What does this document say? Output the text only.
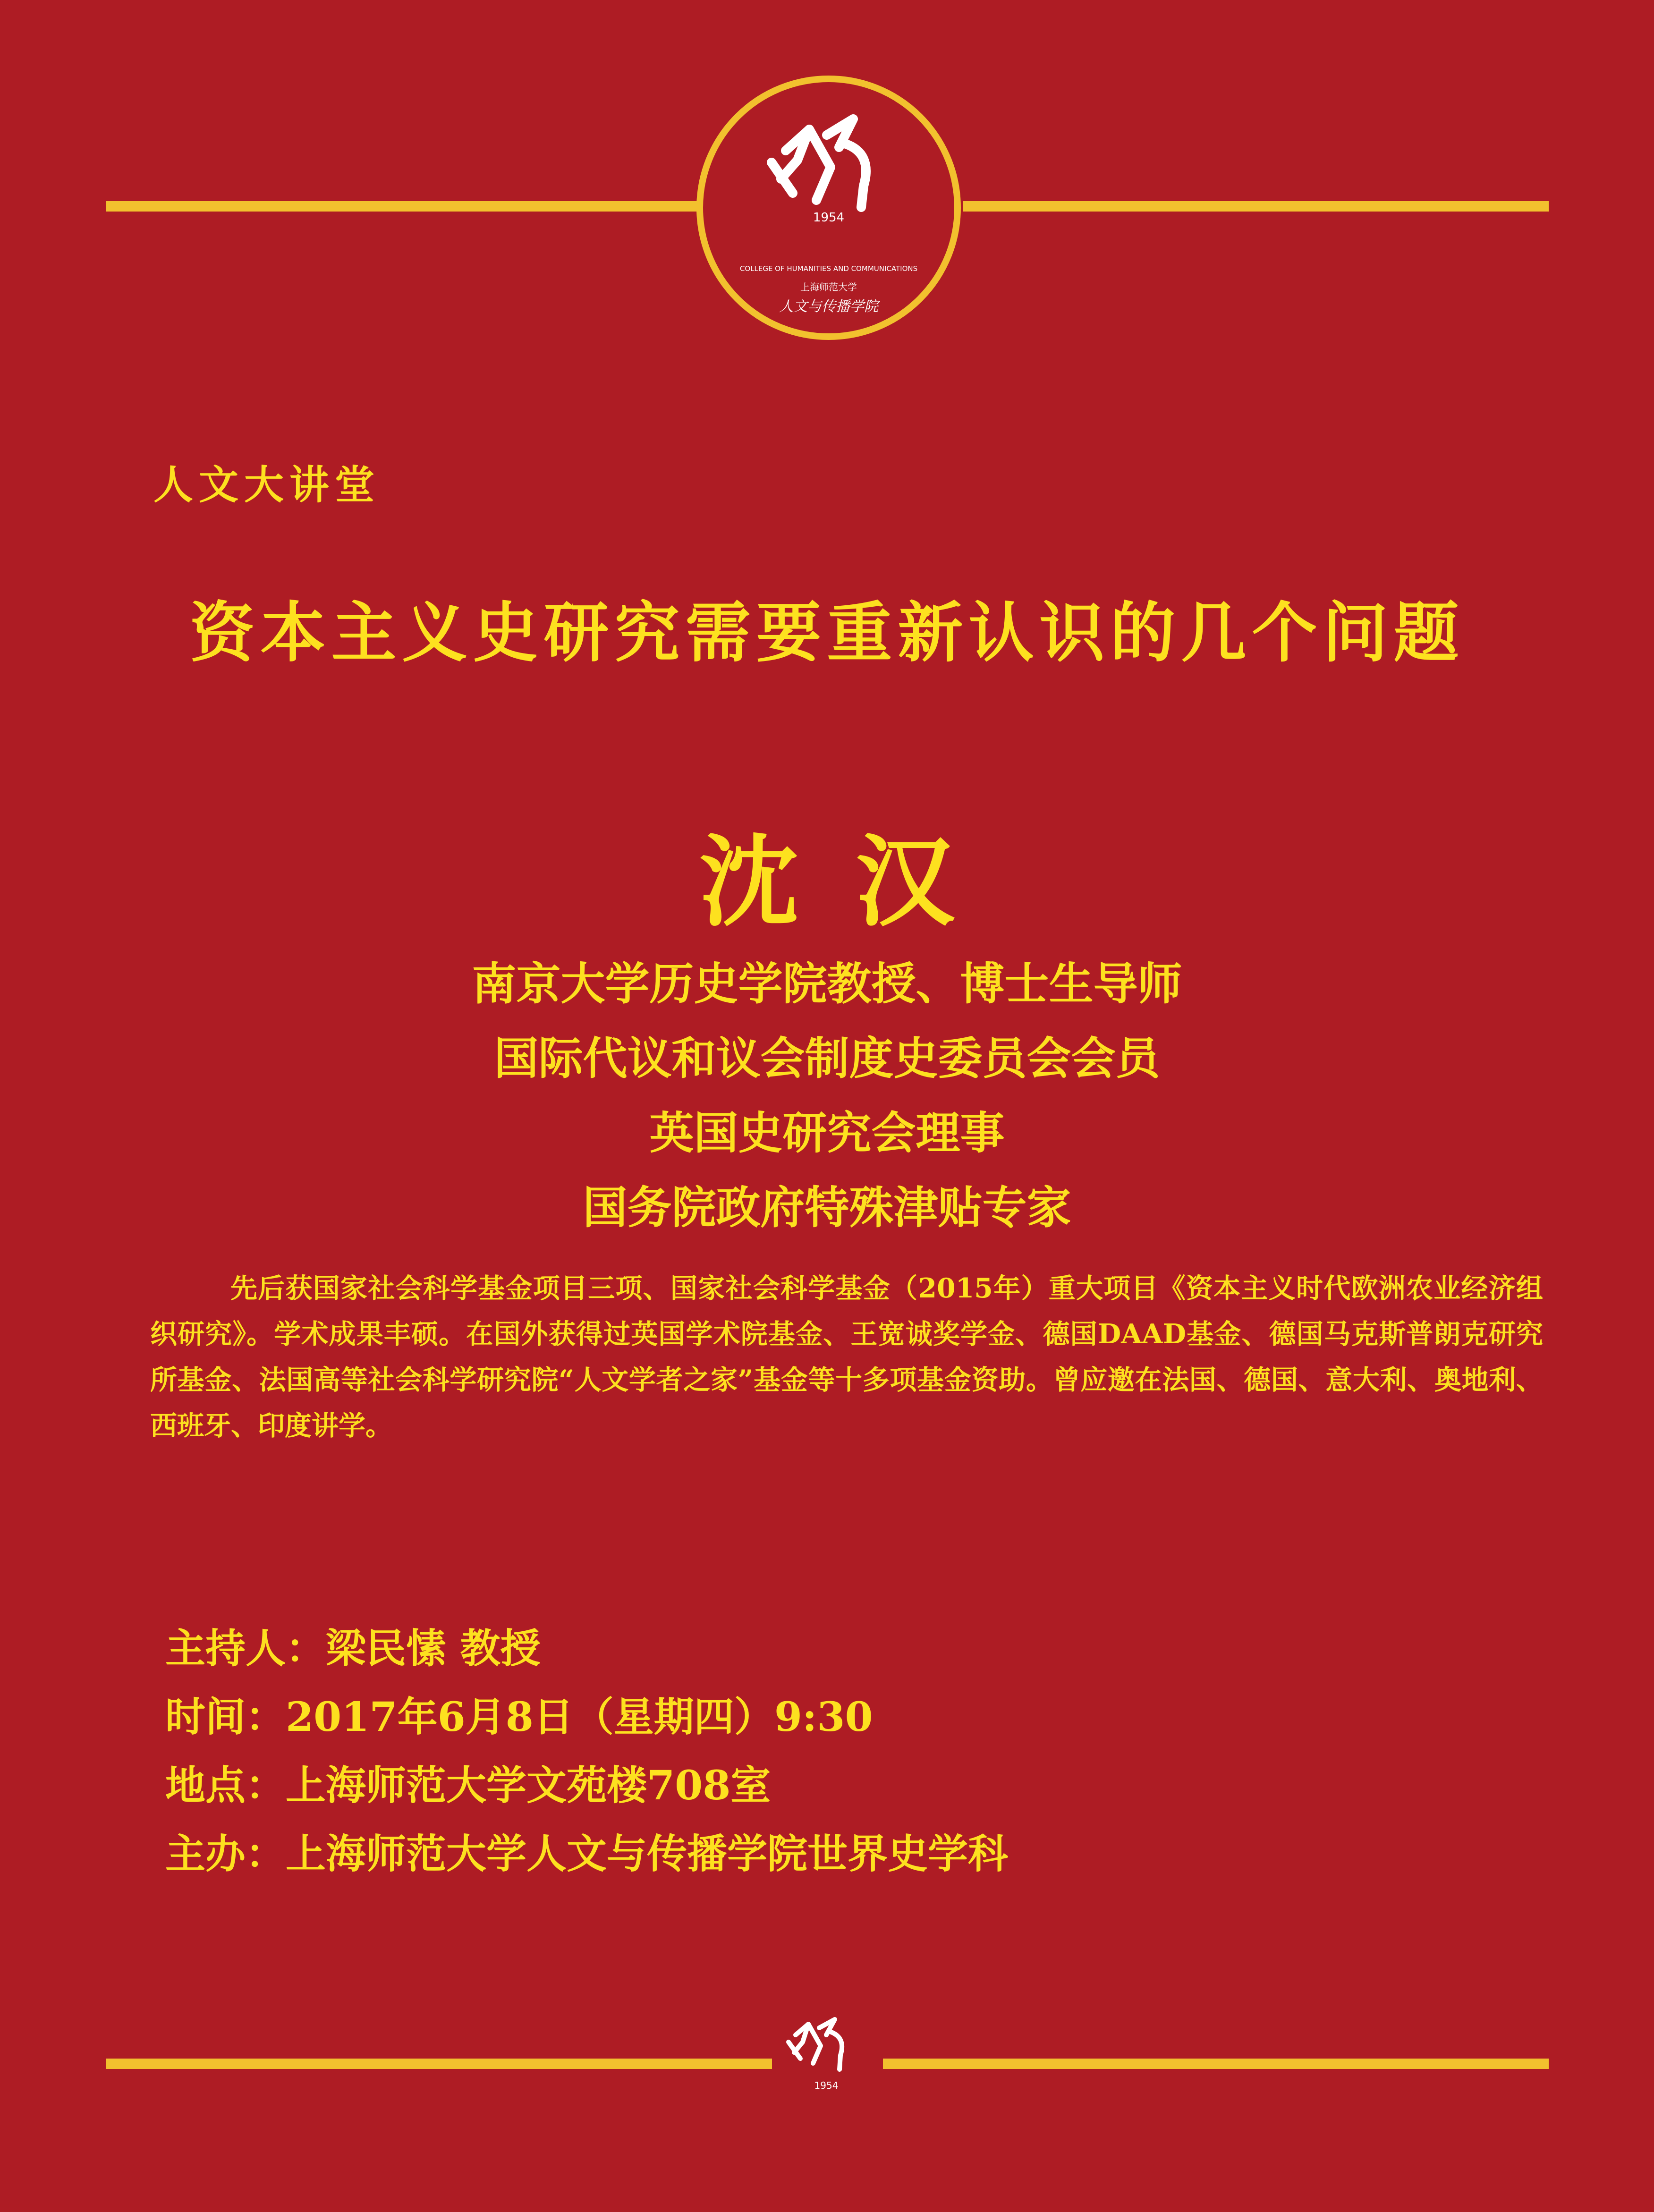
1954
COLLEGE OF HUMANITIES AND COMMUNICATIONS
上海师范大学
人文与传播学院
人文大讲堂
资本主义史研究需要重新认识的几个问题
沈汉
南京大学历史学院教授、博士生导师
国际代议和议会制度史委员会会员
英国史研究会理事
国务院政府特殊津贴专家
先后获国家社会科学基金项目三项、国家社会科学基金（2015年）重大项目《资本主义时代欧洲农业经济组织研究》。学术成果丰硕。在国外获得过英国学术院基金、王宽诚奖学金、德国DAAD基金、德国马克斯普朗克研究所基金、法国高等社会科学研究院“人文学者之家”基金等十多项基金资助。曾应邀在法国、德国、意大利、奥地利、西班牙、印度讲学。
主持人：梁民愫 教授
时间：2017年6月8日（星期四）9:30
地点：上海师范大学文苑楼708室
主办：上海师范大学人文与传播学院世界史学科
1954
